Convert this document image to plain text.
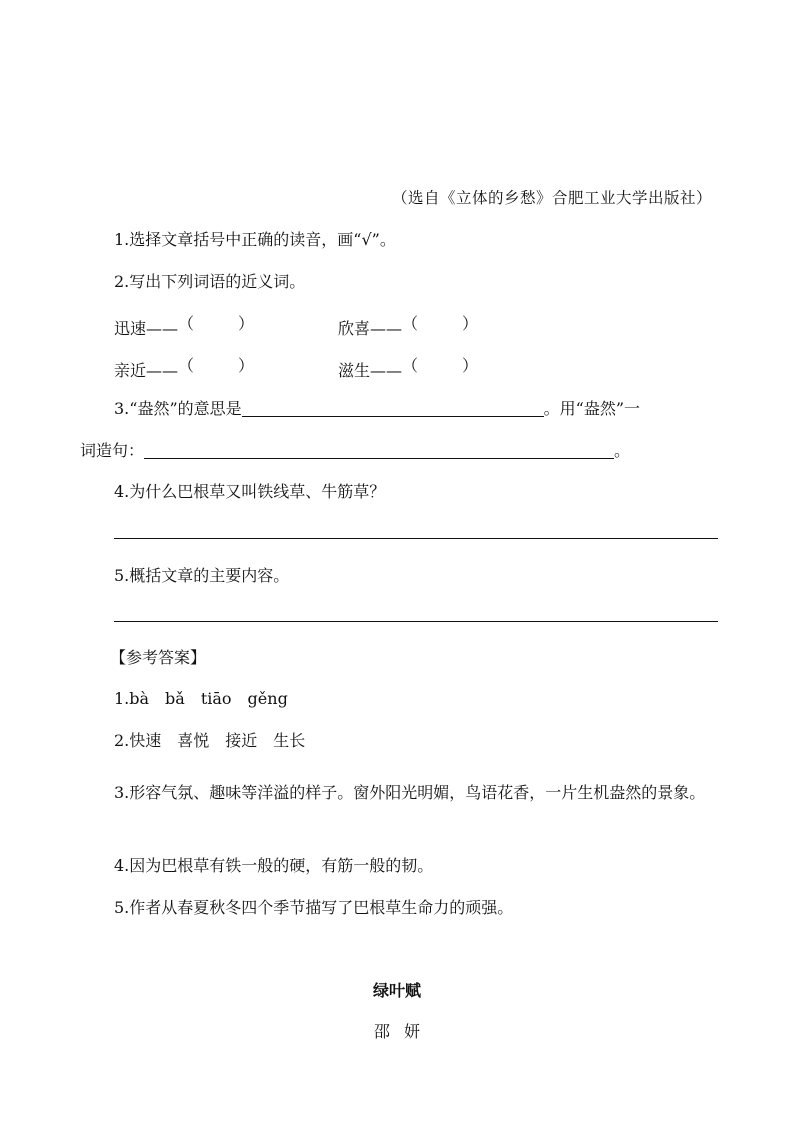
（选自《立体的乡愁》合肥工业大学出版社）
1.选择文章括号中正确的读音，画“√”。
2.写出下列词语的近义词。
迅速—— （	）	欣喜—— （	）
亲近—— （	）	滋生—— （	）
3.“盎然”的意思是	。用“盎然”一
词造句：	。
4.为什么巴根草又叫铁线草、牛筋草？
5.概括文章的主要内容。
【参考答案】
1.bà　bǎ　tiāo　gěng
2.快速　喜悦　接近　生长
3.形容气氛、趣味等洋溢的样子。窗外阳光明媚，鸟语花香，一片生机盎然的景象。
4.因为巴根草有铁一般的硬，有筋一般的韧。
5.作者从春夏秋冬四个季节描写了巴根草生命力的顽强。
绿叶赋
邵妍
